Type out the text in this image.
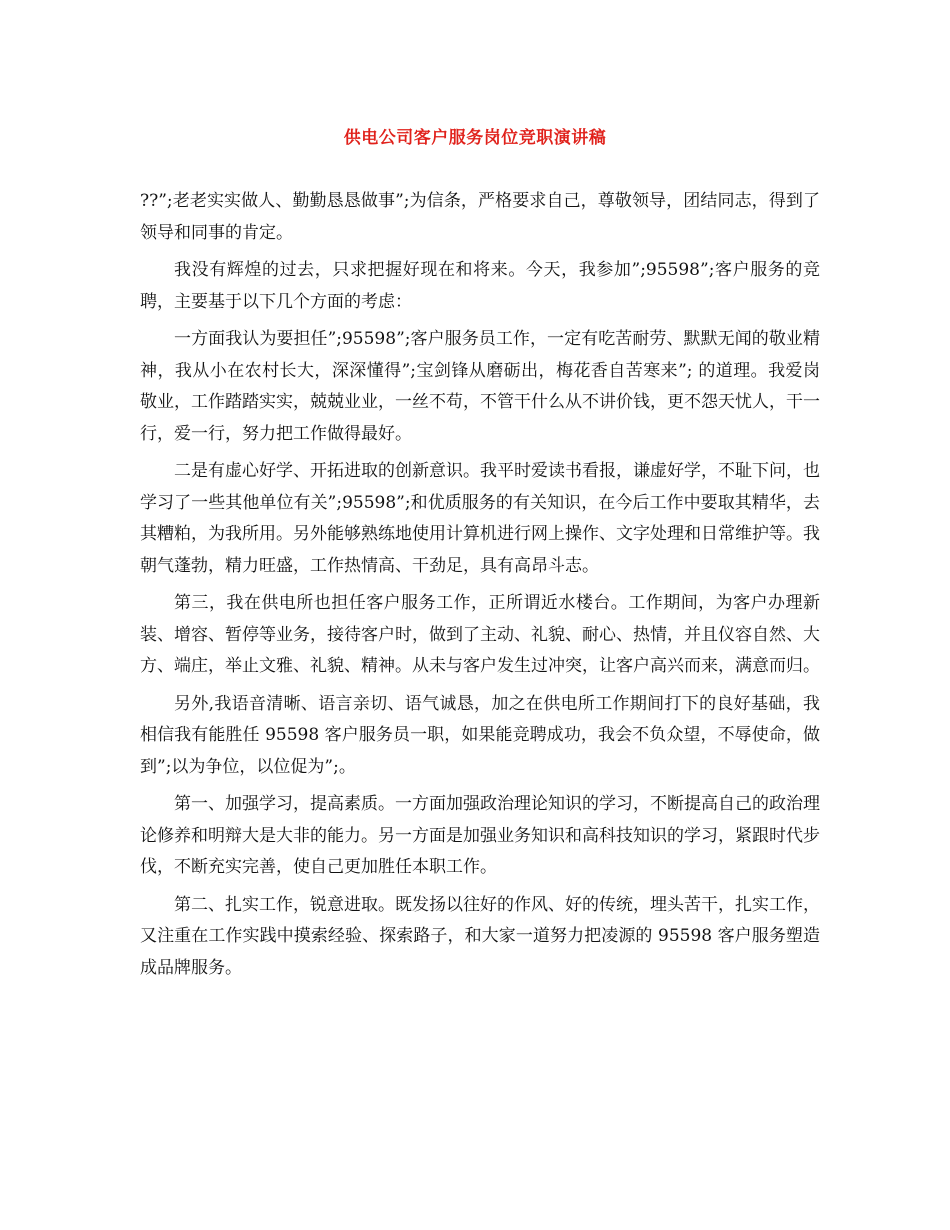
供电公司客户服务岗位竞职演讲稿

??”;老老实实做人、勤勤恳恳做事”;为信条，严格要求自己，尊敬领导，团结同志，得到了领导和同事的肯定。

我没有辉煌的过去，只求把握好现在和将来。今天，我参加”;95598”;客户服务的竞聘，主要基于以下几个方面的考虑：

一方面我认为要担任”;95598”;客户服务员工作，一定有吃苦耐劳、默默无闻的敬业精神，我从小在农村长大，深深懂得”;宝剑锋从磨砺出，梅花香自苦寒来”; 的道理。我爱岗敬业，工作踏踏实实，兢兢业业，一丝不苟，不管干什么从不讲价钱，更不怨天忧人，干一行，爱一行，努力把工作做得最好。

二是有虚心好学、开拓进取的创新意识。我平时爱读书看报，谦虚好学，不耻下问，也学习了一些其他单位有关”;95598”;和优质服务的有关知识，在今后工作中要取其精华，去其糟粕，为我所用。另外能够熟练地使用计算机进行网上操作、文字处理和日常维护等。我朝气蓬勃，精力旺盛，工作热情高、干劲足，具有高昂斗志。

第三，我在供电所也担任客户服务工作，正所谓近水楼台。工作期间，为客户办理新装、增容、暂停等业务，接待客户时，做到了主动、礼貌、耐心、热情，并且仪容自然、大方、端庄，举止文雅、礼貌、精神。从未与客户发生过冲突，让客户高兴而来，满意而归。

另外,我语音清晰、语言亲切、语气诚恳，加之在供电所工作期间打下的良好基础，我相信我有能胜任 95598 客户服务员一职，如果能竞聘成功，我会不负众望，不辱使命，做到”;以为争位，以位促为”;。

第一、加强学习，提高素质。一方面加强政治理论知识的学习，不断提高自己的政治理论修养和明辩大是大非的能力。另一方面是加强业务知识和高科技知识的学习，紧跟时代步伐，不断充实完善，使自己更加胜任本职工作。

第二、扎实工作，锐意进取。既发扬以往好的作风、好的传统，埋头苦干，扎实工作，又注重在工作实践中摸索经验、探索路子，和大家一道努力把凌源的 95598 客户服务塑造成品牌服务。
